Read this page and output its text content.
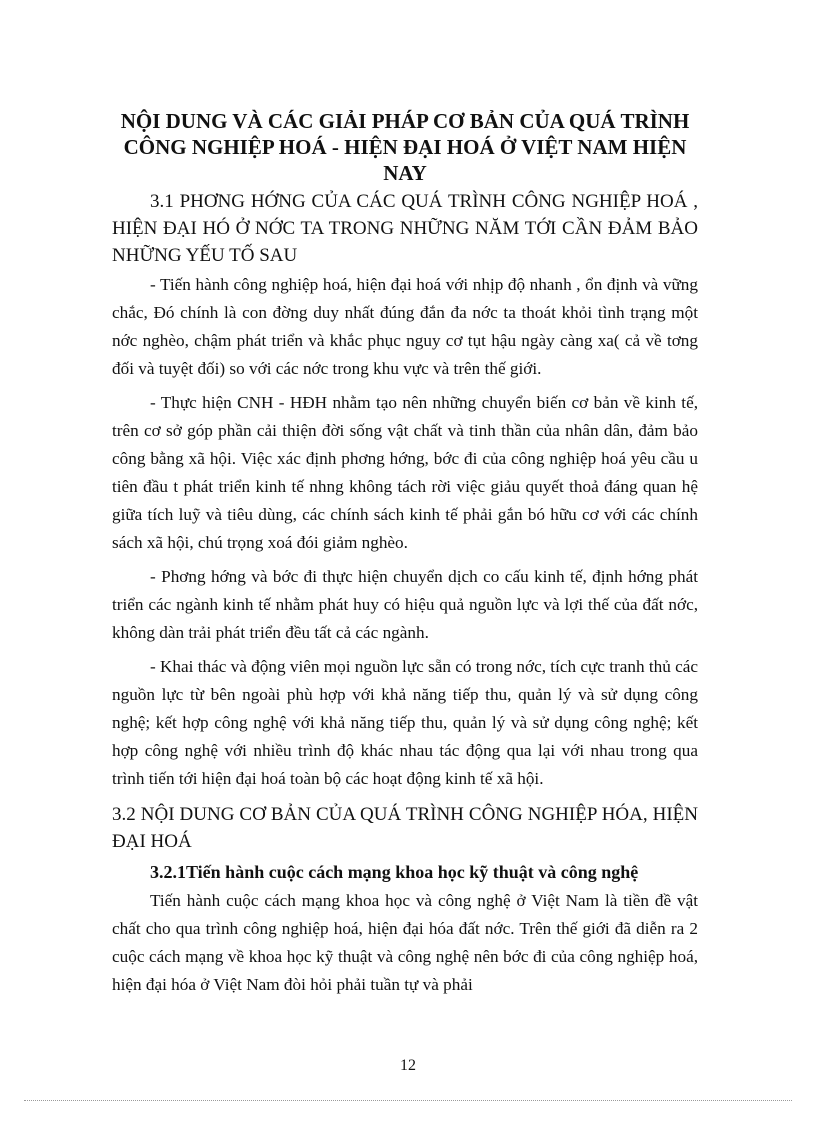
NỘI DUNG VÀ CÁC GIẢI PHÁP CƠ BẢN CỦA QUÁ TRÌNH CÔNG NGHIỆP HOÁ - HIỆN ĐẠI HOÁ Ở VIỆT NAM HIỆN NAY

3.1 PHƠNG HỚNG CỦA CÁC QUÁ TRÌNH CÔNG NGHIỆP HOÁ , HIỆN ĐẠI HÓ Ở NỚC TA TRONG NHỮNG NĂM TỚI CẦN ĐẢM BẢO NHỮNG YẾU TỐ SAU

- Tiến hành công nghiệp hoá, hiện đại hoá với nhịp độ nhanh , ổn định và vững chắc, Đó chính là con đờng duy nhất đúng đắn đa nớc ta thoát khỏi tình trạng một nớc nghèo, chậm phát triển và khắc phục nguy cơ tụt hậu ngày càng xa( cả về tơng đối và tuyệt đối) so với các nớc trong khu vực và trên thế giới.

- Thực hiện CNH - HĐH nhằm tạo nên những chuyển biến cơ bản về kinh tế, trên cơ sở góp phần cải thiện đời sống vật chất và tinh thần của nhân dân, đảm bảo công bằng xã hội. Việc xác định phơng hớng, bớc đi của công nghiệp hoá yêu cầu u tiên đầu t phát triển kinh tế nhng không tách rời việc giảu quyết thoả đáng quan hệ giữa tích luỹ và tiêu dùng, các chính sách kinh tế phải gắn bó hữu cơ với các chính sách xã hội, chú trọng xoá đói giảm nghèo.

- Phơng hớng và bớc đi thực hiện chuyển dịch co cấu kinh tế, định hớng phát triển các ngành kinh tế nhằm phát huy có hiệu quả nguồn lực và lợi thế của đất nớc, không dàn trải phát triển đều tất cả các ngành.

- Khai thác và động viên mọi nguồn lực sẵn có trong nớc, tích cực tranh thủ các nguồn lực từ bên ngoài phù hợp với khả năng tiếp thu, quản lý và sử dụng công nghệ; kết hợp công nghệ với khả năng tiếp thu, quản lý và sử dụng công nghệ; kết hợp công nghệ với nhiều trình độ khác nhau tác động qua lại với nhau trong qua trình tiến tới hiện đại hoá toàn bộ các hoạt động kinh tế xã hội.

3.2 NỘI DUNG CƠ BẢN CỦA QUÁ TRÌNH CÔNG NGHIỆP HÓA, HIỆN ĐẠI HOÁ

3.2.1Tiến hành cuộc cách mạng khoa học kỹ thuật và công nghệ

Tiến hành cuộc cách mạng khoa học và công nghệ ở Việt Nam là tiền đề vật chất cho qua trình công nghiệp hoá, hiện đại hóa đất nớc. Trên thế giới đã diễn ra 2 cuộc cách mạng về khoa học kỹ thuật và công nghệ nên bớc đi của công nghiệp hoá, hiện đại hóa ở Việt Nam đòi hỏi phải tuần tự và phải

12
